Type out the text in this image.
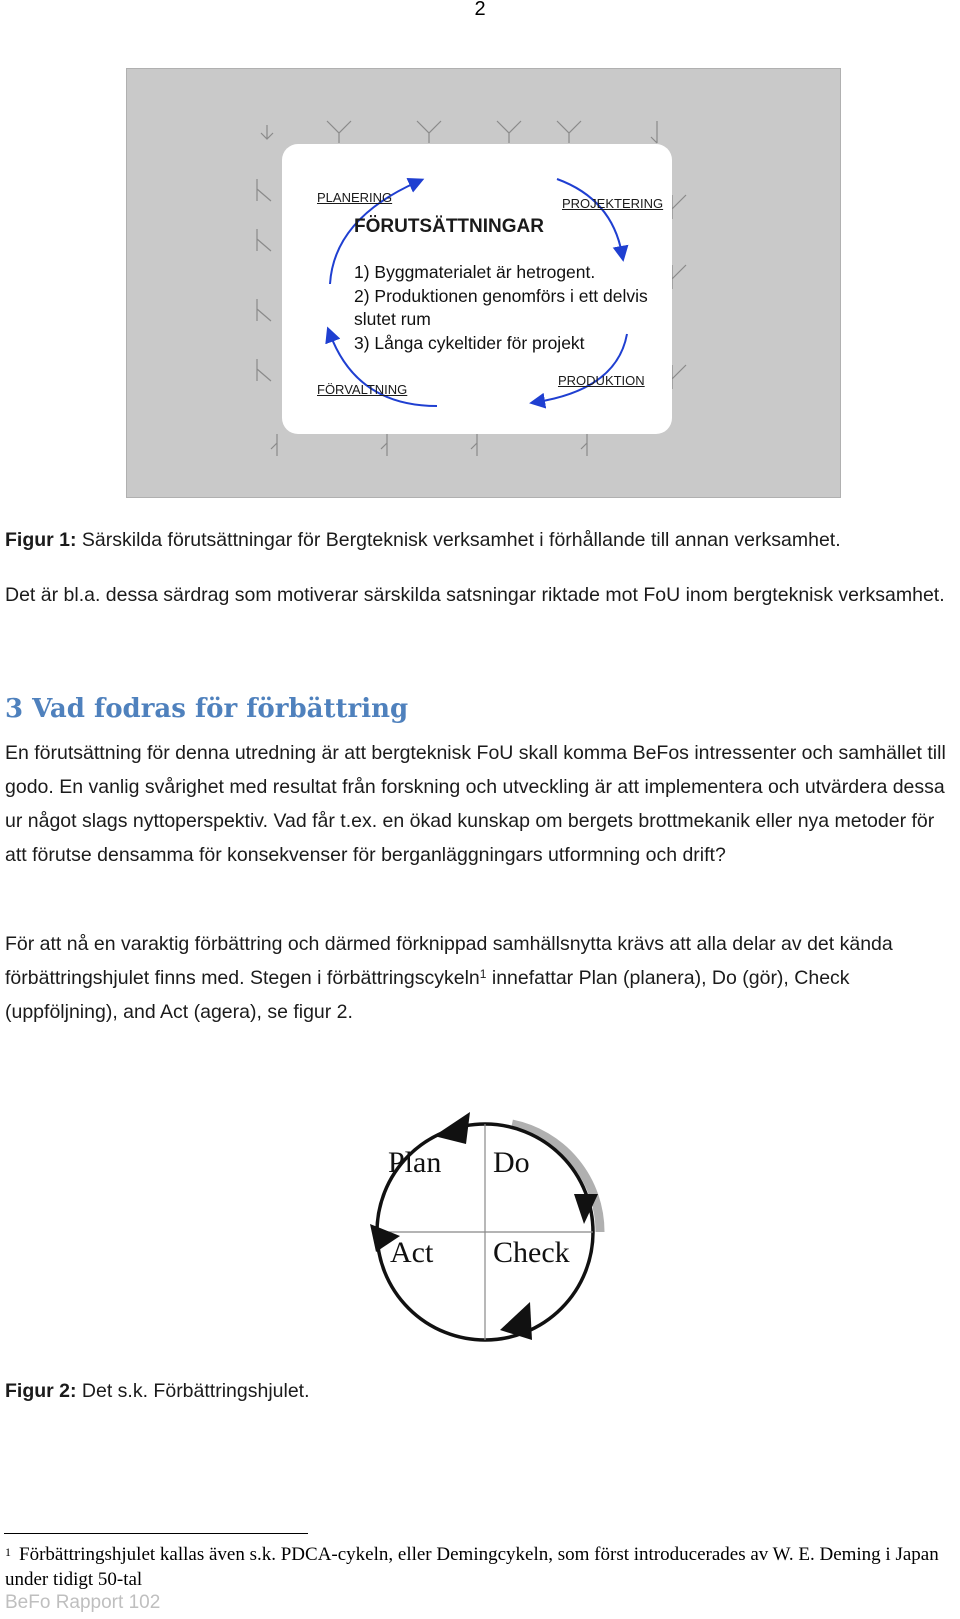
2
PLANERING	PROJEKTERING
FÖRVALTNING
PRODUKTION
FÖRUTSÄTTNINGAR
1) Byggmaterialet är hetrogent.
2) Produktionen genomförs i ett delvis
slutet rum
3) Långa cykeltider för projekt
Figur 1: Särskilda förutsättningar för Bergteknisk verksamhet i förhållande till annan verksamhet.
Det är bl.a. dessa särdrag som motiverar särskilda satsningar riktade mot FoU inom bergteknisk verksamhet.
3 Vad fodras för förbättring
En förutsättning för denna utredning är att bergteknisk FoU skall komma BeFos intressenter och samhället till godo. En vanlig svårighet med resultat från forskning och utveckling är att implementera och utvärdera dessa ur något slags nyttoperspektiv. Vad får t.ex. en ökad kunskap om bergets brottmekanik eller nya metoder för att förutse densamma för konsekvenser för berganläggningars utformning och drift?
För att nå en varaktig förbättring och därmed förknippad samhällsnytta krävs att alla delar av det kända förbättringshjulet finns med. Stegen i förbättringscykeln$^1$ innefattar Plan (planera), Do (gör), Check (uppföljning), and Act (agera), se figur 2.
Plan Do
Act Check
Figur 2: Det s.k. Förbättringshjulet.
$^1$ Förbättringshjulet kallas även s.k. PDCA-cykeln, eller Demingcykeln, som först introducerades av W. E. Deming i Japan under tidigt 50-tal
BeFo Rapport 102
